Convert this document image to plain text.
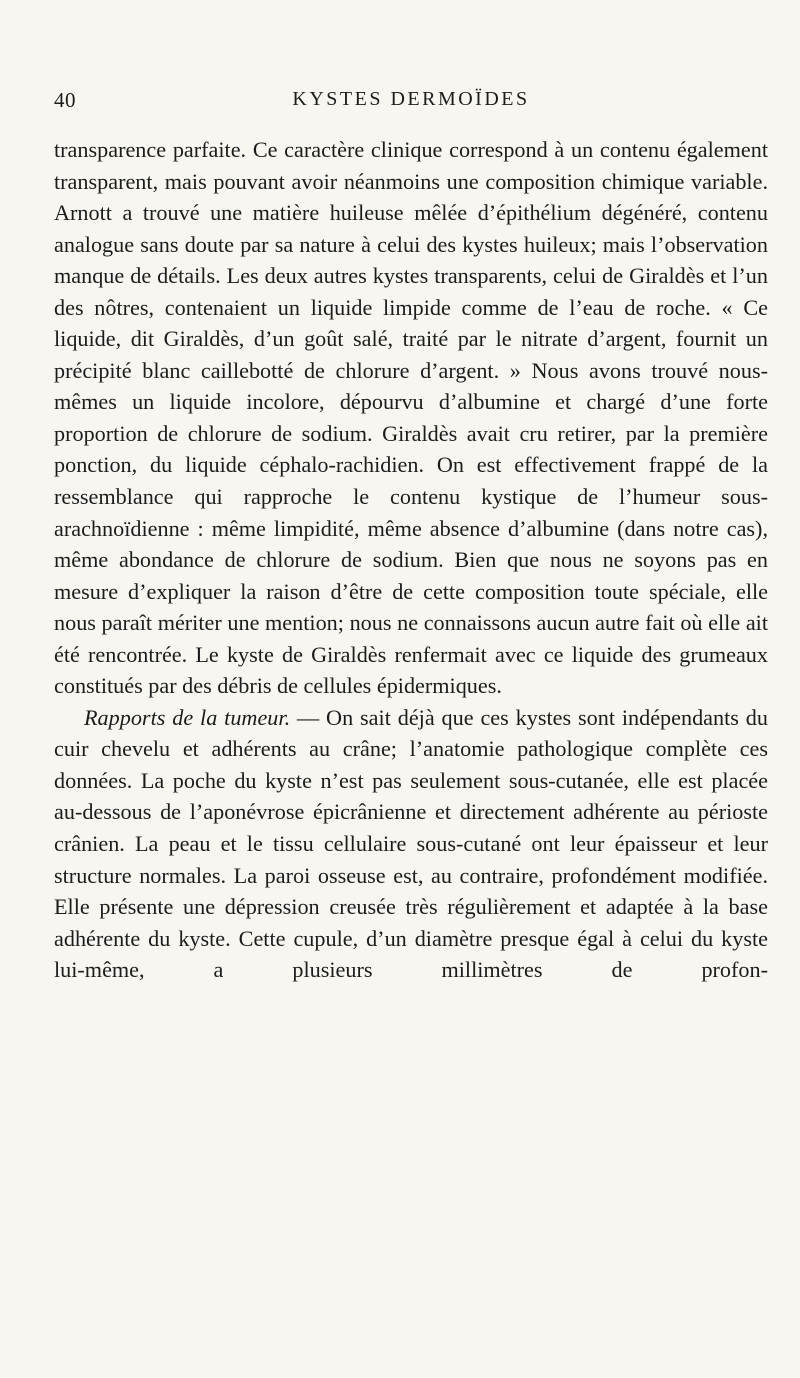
40	KYSTES DERMOÏDES

transparence parfaite. Ce caractère clinique correspond à un contenu également transparent, mais pouvant avoir néanmoins une composition chimique variable. Arnott a trouvé une matière huileuse mêlée d’épithélium dégénéré, contenu analogue sans doute par sa nature à celui des kystes huileux; mais l’observation manque de détails. Les deux autres kystes transparents, celui de Giraldès et l’un des nôtres, contenaient un liquide limpide comme de l’eau de roche. « Ce liquide, dit Giraldès, d’un goût salé, traité par le nitrate d’argent, fournit un précipité blanc caillebotté de chlorure d’argent. » Nous avons trouvé nous-mêmes un liquide incolore, dépourvu d’albumine et chargé d’une forte proportion de chlorure de sodium. Giraldès avait cru retirer, par la première ponction, du liquide céphalo-rachidien. On est effectivement frappé de la ressemblance qui rapproche le contenu kystique de l’humeur sous-arachnoïdienne : même limpidité, même absence d’albumine (dans notre cas), même abondance de chlorure de sodium. Bien que nous ne soyons pas en mesure d’expliquer la raison d’être de cette composition toute spéciale, elle nous paraît mériter une mention; nous ne connaissons aucun autre fait où elle ait été rencontrée. Le kyste de Giraldès renfermait avec ce liquide des grumeaux constitués par des débris de cellules épidermiques.

Rapports de la tumeur. — On sait déjà que ces kystes sont indépendants du cuir chevelu et adhérents au crâne; l’anatomie pathologique complète ces données. La poche du kyste n’est pas seulement sous-cutanée, elle est placée au-dessous de l’aponévrose épicrânienne et directement adhérente au périoste crânien. La peau et le tissu cellulaire sous-cutané ont leur épaisseur et leur structure normales. La paroi osseuse est, au contraire, profondément modifiée. Elle présente une dépression creusée très régulièrement et adaptée à la base adhérente du kyste. Cette cupule, d’un diamètre presque égal à celui du kyste lui-même, a plusieurs millimètres de profon-
